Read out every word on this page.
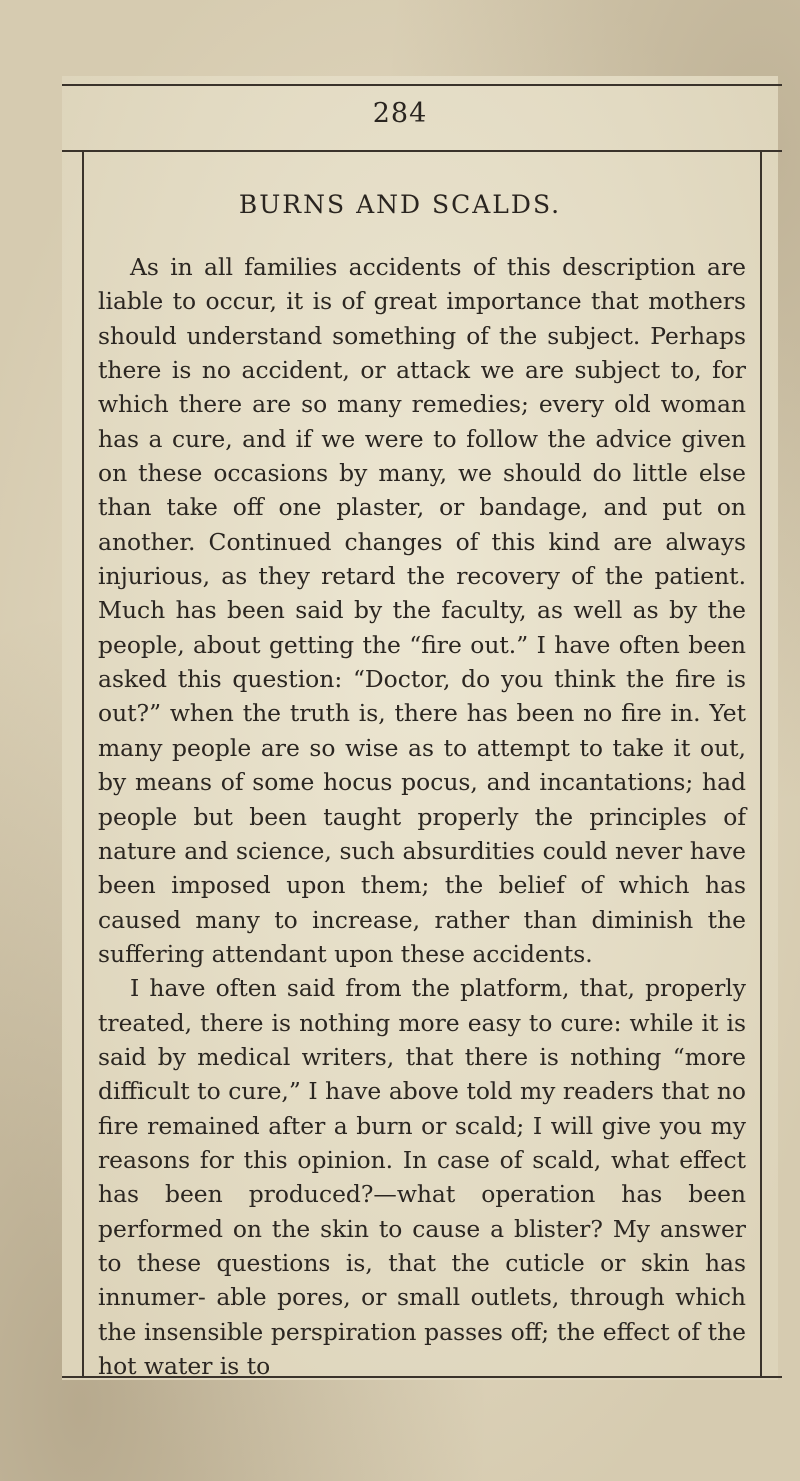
284
BURNS AND SCALDS.

As in all families accidents of this description are liable to occur, it is of great importance that mothers should understand something of the subject. Perhaps there is no accident, or attack we are subject to, for which there are so many remedies; every old woman has a cure, and if we were to follow the advice given on these occasions by many, we should do little else than take off one plaster, or bandage, and put on another. Continued changes of this kind are always injurious, as they retard the recovery of the patient. Much has been said by the faculty, as well as by the people, about getting the “fire out.” I have often been asked this question: “Doctor, do you think the fire is out?” when the truth is, there has been no fire in. Yet many people are so wise as to attempt to take it out, by means of some hocus pocus, and incantations; had people but been taught properly the principles of nature and science, such absurdities could never have been imposed upon them; the belief of which has caused many to increase, rather than diminish the suffering attendant upon these accidents.

I have often said from the platform, that, properly treated, there is nothing more easy to cure: while it is said by medical writers, that there is nothing “more difficult to cure,” I have above told my readers that no fire remained after a burn or scald; I will give you my reasons for this opinion. In case of scald, what effect has been produced?—what operation has been performed on the skin to cause a blister? My answer to these questions is, that the cuticle or skin has innumer- able pores, or small outlets, through which the insensible perspiration passes off; the effect of the hot water is to
